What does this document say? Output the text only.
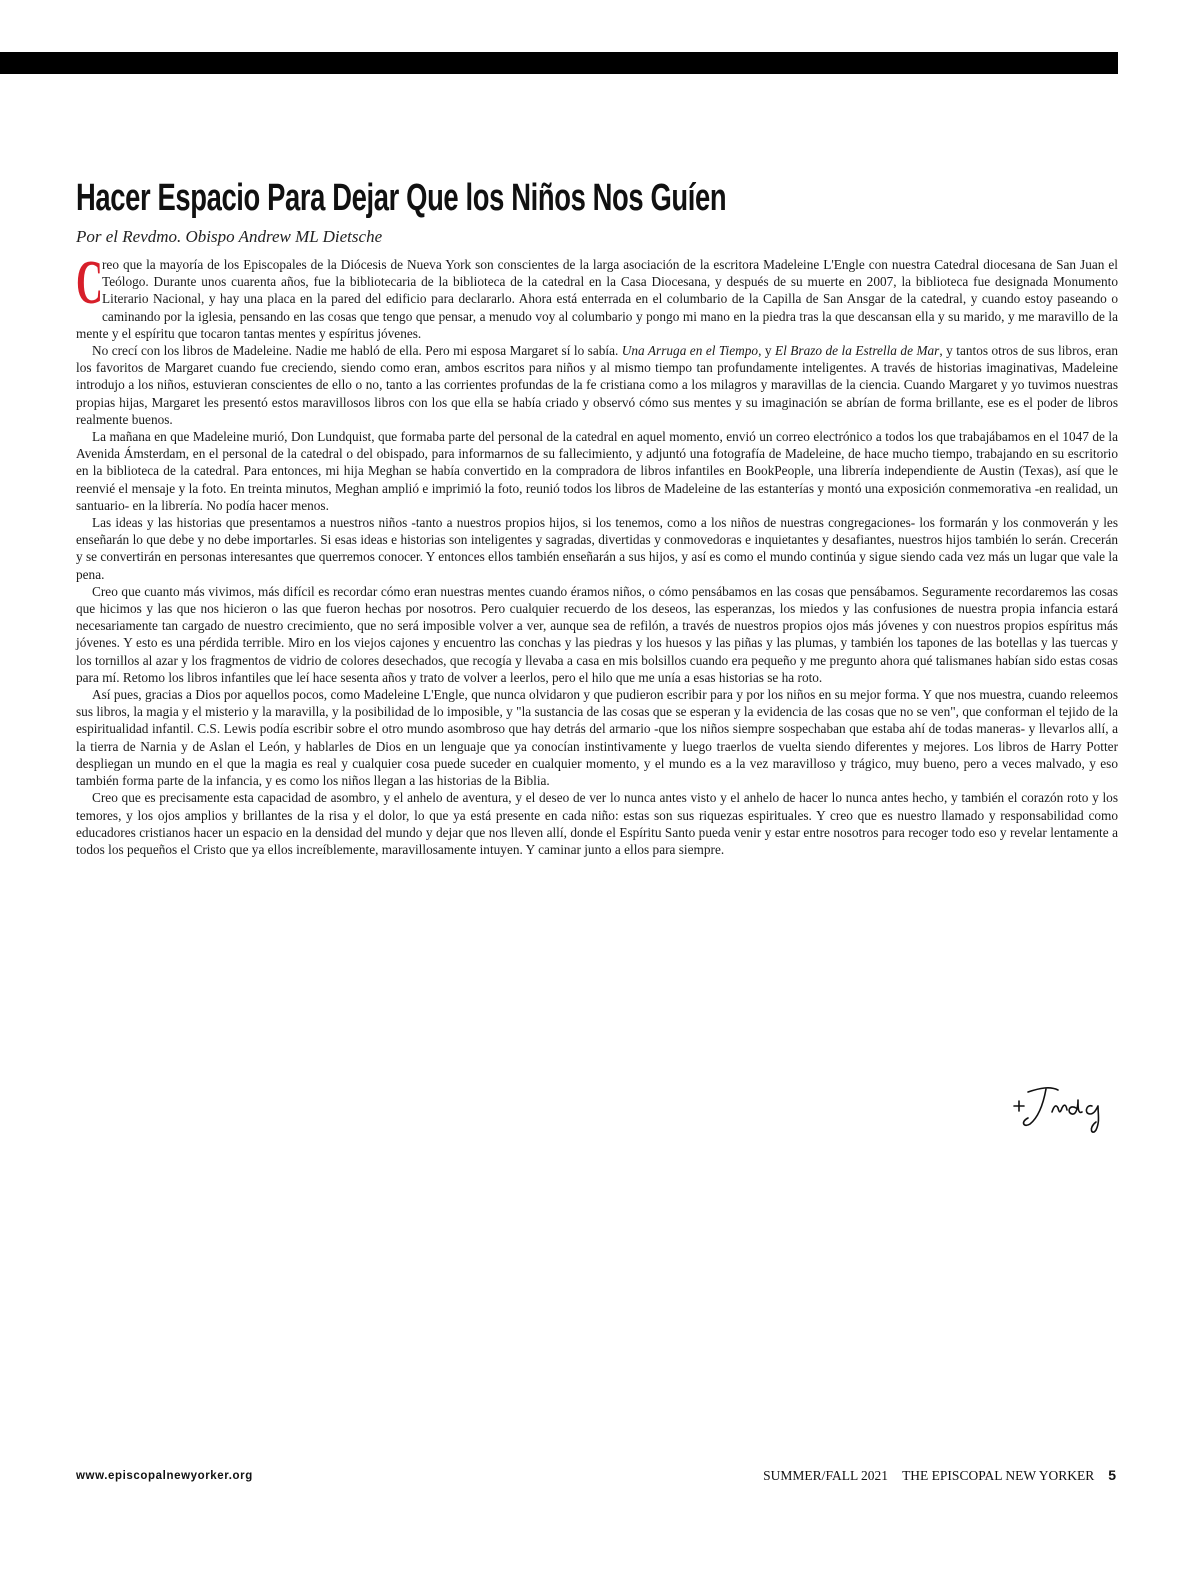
Hacer Espacio Para Dejar Que los Niños Nos Guíen
Por el Revdmo. Obispo Andrew ML Dietsche

Creo que la mayoría de los Episcopales de la Diócesis de Nueva York son conscientes de la larga asociación de la escritora Madeleine L'Engle con nuestra Catedral diocesana de San Juan el Teólogo. Durante unos cuarenta años, fue la bibliotecaria de la biblioteca de la catedral en la Casa Diocesana, y después de su muerte en 2007, la biblioteca fue designada Monumento Literario Nacional, y hay una placa en la pared del edificio para declararlo. Ahora está enterrada en el columbario de la Capilla de San Ansgar de la catedral, y cuando estoy paseando o caminando por la iglesia, pensando en las cosas que tengo que pensar, a menudo voy al columbario y pongo mi mano en la piedra tras la que descansan ella y su marido, y me maravillo de la mente y el espíritu que tocaron tantas mentes y espíritus jóvenes.

No crecí con los libros de Madeleine. Nadie me habló de ella. Pero mi esposa Margaret sí lo sabía. Una Arruga en el Tiempo, y El Brazo de la Estrella de Mar, y tantos otros de sus libros, eran los favoritos de Margaret cuando fue creciendo, siendo como eran, ambos escritos para niños y al mismo tiempo tan profundamente inteligentes. A través de historias imaginativas, Madeleine introdujo a los niños, estuvieran conscientes de ello o no, tanto a las corrientes profundas de la fe cristiana como a los milagros y maravillas de la ciencia. Cuando Margaret y yo tuvimos nuestras propias hijas, Margaret les presentó estos maravillosos libros con los que ella se había criado y observó cómo sus mentes y su imaginación se abrían de forma brillante, ese es el poder de libros realmente buenos.

La mañana en que Madeleine murió, Don Lundquist, que formaba parte del personal de la catedral en aquel momento, envió un correo electrónico a todos los que trabajábamos en el 1047 de la Avenida Ámsterdam, en el personal de la catedral o del obispado, para informarnos de su fallecimiento, y adjuntó una fotografía de Madeleine, de hace mucho tiempo, trabajando en su escritorio en la biblioteca de la catedral. Para entonces, mi hija Meghan se había convertido en la compradora de libros infantiles en BookPeople, una librería independiente de Austin (Texas), así que le reenvié el mensaje y la foto. En treinta minutos, Meghan amplió e imprimió la foto, reunió todos los libros de Madeleine de las estanterías y montó una exposición conmemorativa -en realidad, un santuario- en la librería. No podía hacer menos.

Las ideas y las historias que presentamos a nuestros niños -tanto a nuestros propios hijos, si los tenemos, como a los niños de nuestras congregaciones- los formarán y los conmoverán y les enseñarán lo que debe y no debe importarles. Si esas ideas e historias son inteligentes y sagradas, divertidas y conmovedoras e inquietantes y desafiantes, nuestros hijos también lo serán. Crecerán y se convertirán en personas interesantes que querremos conocer. Y entonces ellos también enseñarán a sus hijos, y así es como el mundo continúa y sigue siendo cada vez más un lugar que vale la pena.

Creo que cuanto más vivimos, más difícil es recordar cómo eran nuestras mentes cuando éramos niños, o cómo pensábamos en las cosas que pensábamos. Seguramente recordaremos las cosas que hicimos y las que nos hicieron o las que fueron hechas por nosotros. Pero cualquier recuerdo de los deseos, las esperanzas, los miedos y las confusiones de nuestra propia infancia estará necesariamente tan cargado de nuestro crecimiento, que no será imposible volver a ver, aunque sea de refilón, a través de nuestros propios ojos más jóvenes y con nuestros propios espíritus más jóvenes. Y esto es una pérdida terrible. Miro en los viejos cajones y encuentro las conchas y las piedras y los huesos y las piñas y las plumas, y también los tapones de las botellas y las tuercas y los tornillos al azar y los fragmentos de vidrio de colores desechados, que recogía y llevaba a casa en mis bolsillos cuando era pequeño y me pregunto ahora qué talismanes habían sido estas cosas para mí. Retomo los libros infantiles que leí hace sesenta años y trato de volver a leerlos, pero el hilo que me unía a esas historias se ha roto.

Así pues, gracias a Dios por aquellos pocos, como Madeleine L'Engle, que nunca olvidaron y que pudieron escribir para y por los niños en su mejor forma. Y que nos muestra, cuando releemos sus libros, la magia y el misterio y la maravilla, y la posibilidad de lo imposible, y "la sustancia de las cosas que se esperan y la evidencia de las cosas que no se ven", que conforman el tejido de la espiritualidad infantil. C.S. Lewis podía escribir sobre el otro mundo asombroso que hay detrás del armario -que los niños siempre sospechaban que estaba ahí de todas maneras- y llevarlos allí, a la tierra de Narnia y de Aslan el León, y hablarles de Dios en un lenguaje que ya conocían instintivamente y luego traerlos de vuelta siendo diferentes y mejores. Los libros de Harry Potter despliegan un mundo en el que la magia es real y cualquier cosa puede suceder en cualquier momento, y el mundo es a la vez maravilloso y trágico, muy bueno, pero a veces malvado, y eso también forma parte de la infancia, y es como los niños llegan a las historias de la Biblia.

Creo que es precisamente esta capacidad de asombro, y el anhelo de aventura, y el deseo de ver lo nunca antes visto y el anhelo de hacer lo nunca antes hecho, y también el corazón roto y los temores, y los ojos amplios y brillantes de la risa y el dolor, lo que ya está presente en cada niño: estas son sus riquezas espirituales. Y creo que es nuestro llamado y responsabilidad como educadores cristianos hacer un espacio en la densidad del mundo y dejar que nos lleven allí, donde el Espíritu Santo pueda venir y estar entre nosotros para recoger todo eso y revelar lentamente a todos los pequeños el Cristo que ya ellos increíblemente, maravillosamente intuyen. Y caminar junto a ellos para siempre.

www.episcopalnewyorker.org	SUMMER/FALL 2021 THE EPISCOPAL NEW YORKER 5
